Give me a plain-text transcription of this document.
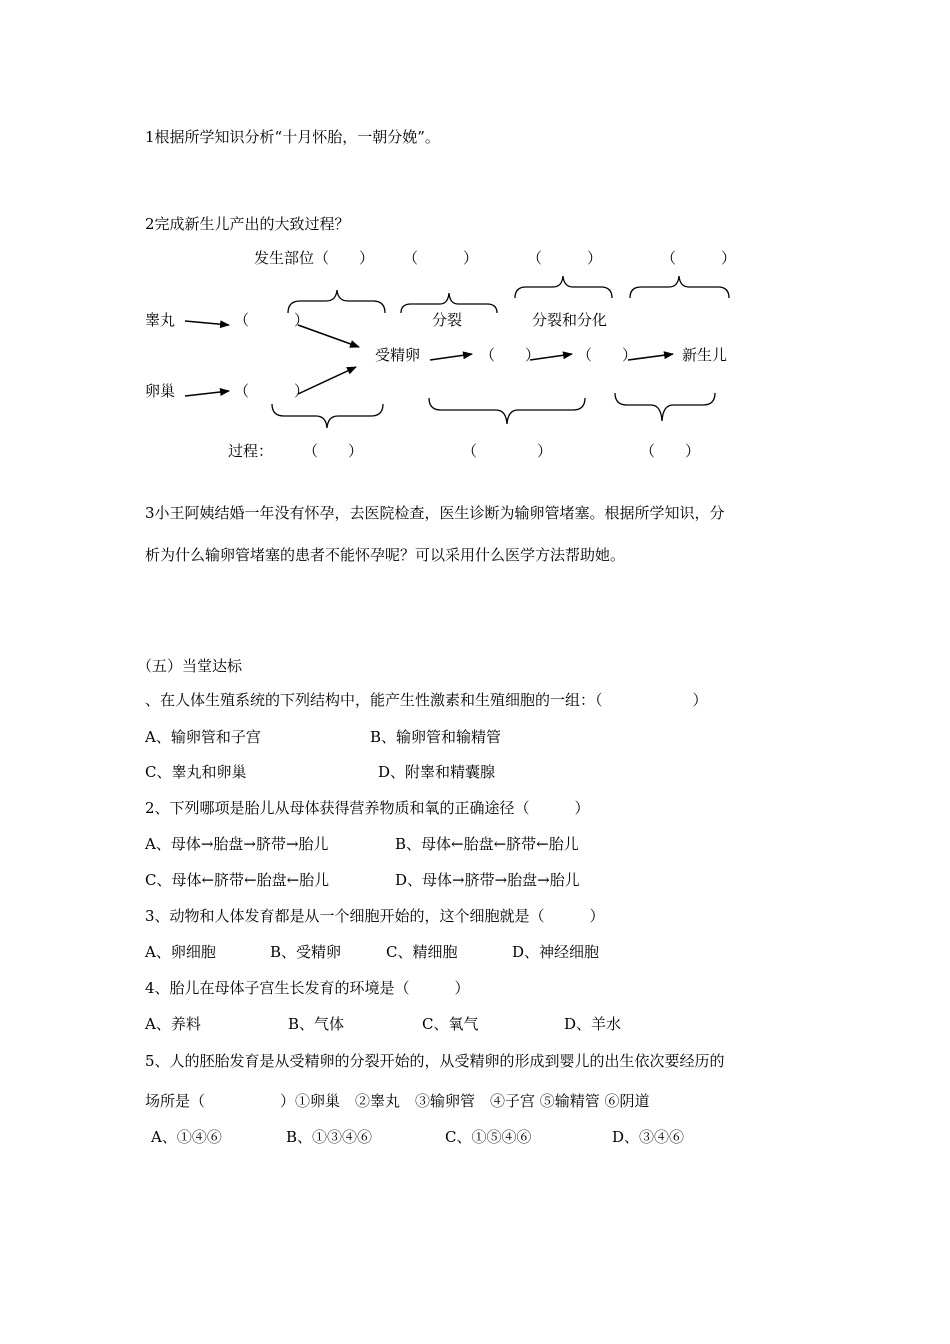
1根据所学知识分析“十月怀胎，一朝分娩”。
2完成新生儿产出的大致过程？
发生部位（　　） （　　　）	（　　　）	（　　　）
睾丸
卵巢
（　　　）
（　　　）
分裂	分裂和分化
受精卵	（　　） （　　）	新生儿
过程： （　　）	（　　　　）	（　　）
3小王阿姨结婚一年没有怀孕，去医院检查，医生诊断为输卵管堵塞。根据所学知识，分
析为什么输卵管堵塞的患者不能怀孕呢？可以采用什么医学方法帮助她。
（五）当堂达标
、在人体生殖系统的下列结构中，能产生性激素和生殖细胞的一组：（　　　　　　）
A、输卵管和子宫	B、输卵管和输精管
C、睾丸和卵巢	D、附睾和精囊腺
2、下列哪项是胎儿从母体获得营养物质和氧的正确途径（　　　）
A、母体→胎盘→脐带→胎儿	B、母体←胎盘←脐带←胎儿
C、母体←脐带←胎盘←胎儿	D、母体→脐带→胎盘→胎儿
3、动物和人体发育都是从一个细胞开始的，这个细胞就是（　　　）
A、卵细胞	B、受精卵	C、精细胞	D、神经细胞
4、胎儿在母体子宫生长发育的环境是（　　　）
A、养料	B、气体	C、氧气	D、羊水
5、人的胚胎发育是从受精卵的分裂开始的，从受精卵的形成到婴儿的出生依次要经历的
场所是（　　　　　）①卵巢　②睾丸　③输卵管　④子宫 ⑤输精管 ⑥阴道
A、①④⑥	B、①③④⑥	C、①⑤④⑥	D、③④⑥
